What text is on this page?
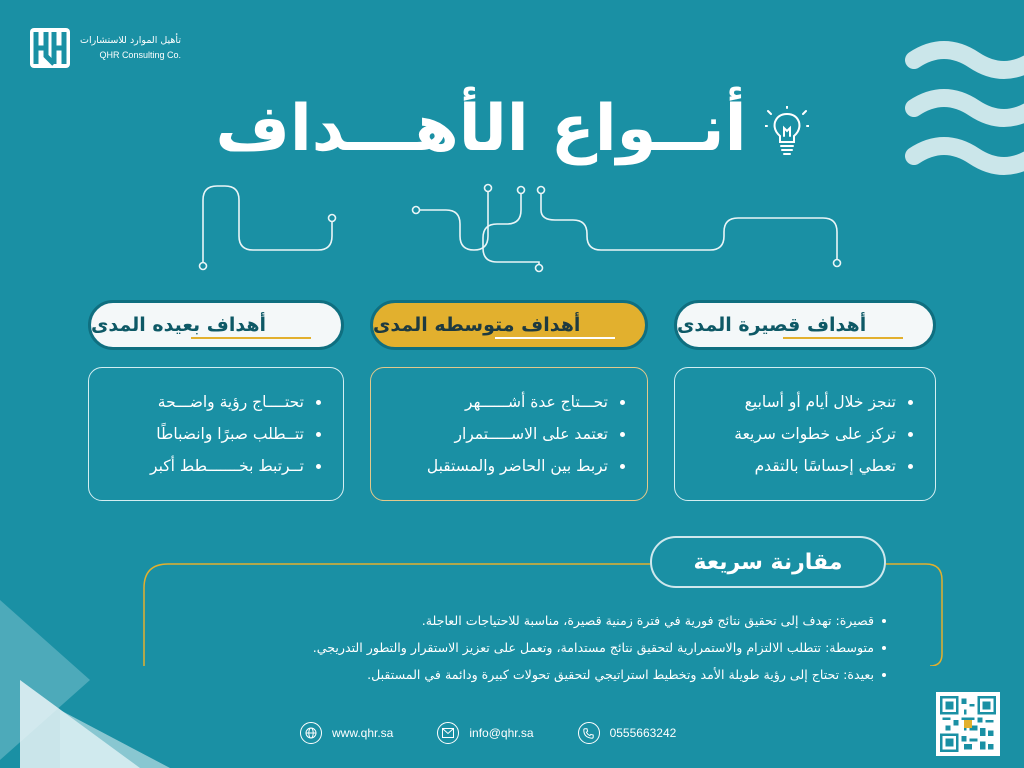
تأهيل الموارد للاستشارات
QHR Consulting Co.
أنــواع الأهـــداف
أهداف قصيرة المدى
أهداف متوسطه المدى
أهداف بعيده المدى
تنجز خلال أيام أو أسابيع
تركز على خطوات سريعة
تعطي إحساسًا بالتقدم
تحـــتاج عدة أشــــــهر
تعتمد على الاســـــتمرار
تربط بين الحاضر والمستقبل
تحتــــاج رؤية واضـــحة
تتــطلب صبرًا وانضباطًا
تــرتبط بخـــــــطط أكبر
مقارنة سريعة
قصيرة: تهدف إلى تحقيق نتائج فورية في فترة زمنية قصيرة، مناسبة للاحتياجات العاجلة.
متوسطة: تتطلب الالتزام والاستمرارية لتحقيق نتائج مستدامة، وتعمل على تعزيز الاستقرار والتطور التدريجي.
بعيدة: تحتاج إلى رؤية طويلة الأمد وتخطيط استراتيجي لتحقيق تحولات كبيرة ودائمة في المستقبل.
www.qhr.sa	info@qhr.sa	0555663242
